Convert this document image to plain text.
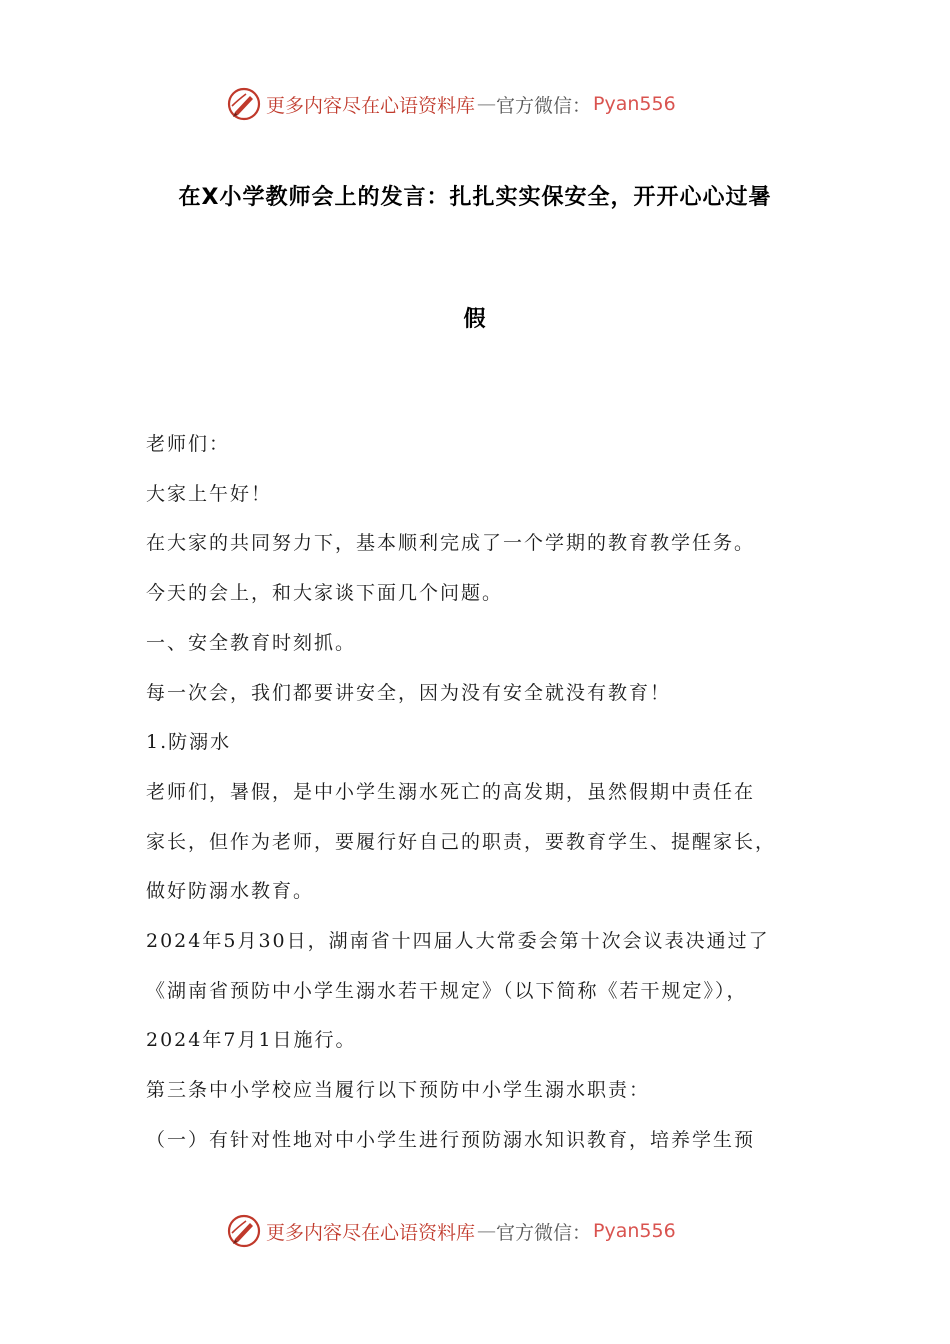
更多内容尽在心语资料库 — 官方微信： Pyan556
在X小学教师会上的发言：扎扎实实保安全，开开心心过暑
假

老师们：

大家上午好！

在大家的共同努力下，基本顺利完成了一个学期的教育教学任务。

今天的会上，和大家谈下面几个问题。

一、安全教育时刻抓。

每一次会，我们都要讲安全，因为没有安全就没有教育！

1.防溺水

老师们，暑假，是中小学生溺水死亡的高发期，虽然假期中责任在

家长，但作为老师，要履行好自己的职责，要教育学生、提醒家长，

做好防溺水教育。

2024年5月30日，湖南省十四届人大常委会第十次会议表决通过了

《湖南省预防中小学生溺水若干规定》（以下简称《若干规定》），

2024年7月1日施行。

第三条中小学校应当履行以下预防中小学生溺水职责：

（一）有针对性地对中小学生进行预防溺水知识教育，培养学生预

更多内容尽在心语资料库 — 官方微信： Pyan556
